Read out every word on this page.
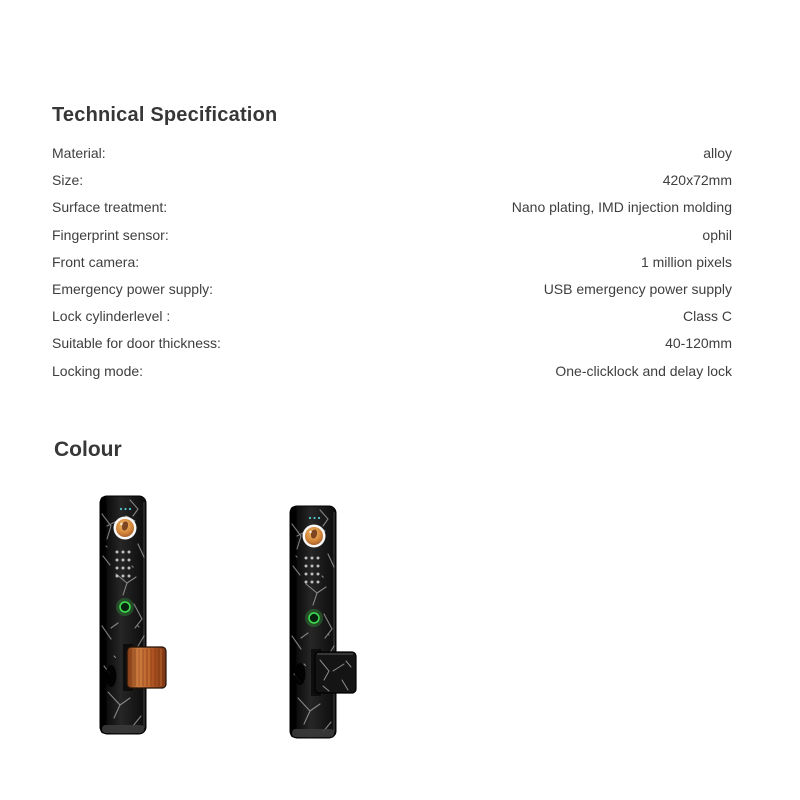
Technical Specification
Material:	alloy
Size:	420x72mm
Surface treatment:	Nano plating, IMD injection molding
Fingerprint sensor:	ophil
Front camera:	1 million pixels
Emergency power supply:	USB emergency power supply
Lock cylinderlevel :	Class C
Suitable for door thickness:	40-120mm
Locking mode:	One-clicklock and delay lock
Colour
